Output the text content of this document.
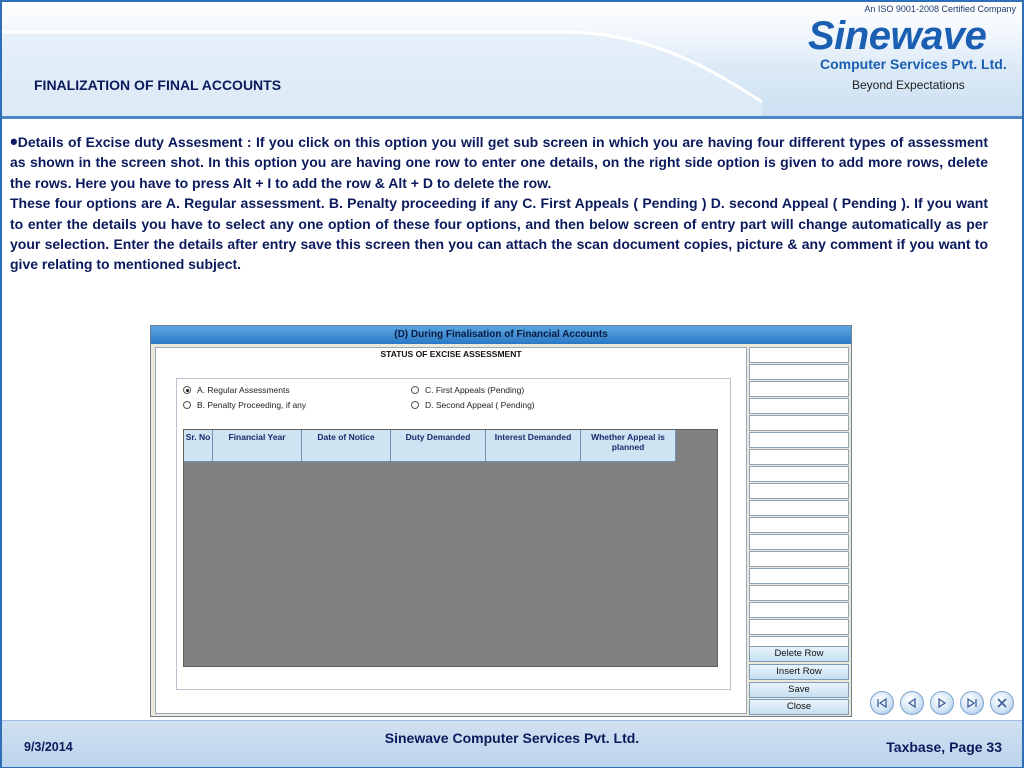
FINALIZATION OF FINAL ACCOUNTS
An ISO 9001-2008 Certified Company
Sinewave
Computer Services Pvt. Ltd.
Beyond Expectations
•Details of Excise duty Assesment : If you click on this option you will get sub screen in which you are having four different types of assessment as shown in the screen shot. In this option you are having one row to enter one details, on the right side option is given to add more rows, delete the rows. Here you have to press Alt + I to add the row & Alt + D to delete the row.
These four options are A. Regular assessment. B. Penalty proceeding if any C. First Appeals ( Pending ) D. second Appeal ( Pending ). If you want to enter the details you have to select any one option of these four options, and then below screen of entry part will change automatically as per your selection. Enter the details after entry save this screen then you can attach the scan document copies, picture & any comment if you want to give relating to mentioned subject.
(D) During Finalisation of Financial Accounts
STATUS OF EXCISE ASSESSMENT
A. Regular Assessments
B. Penalty Proceeding, if any
C. First Appeals (Pending)
D. Second Appeal ( Pending)
Sr. No	Financial Year	Date of Notice	Duty Demanded	Interest Demanded	Whether Appeal is planned
Delete Row
Insert Row
Save
Close
9/3/2014
Sinewave Computer Services Pvt. Ltd.
Taxbase, Page 33
